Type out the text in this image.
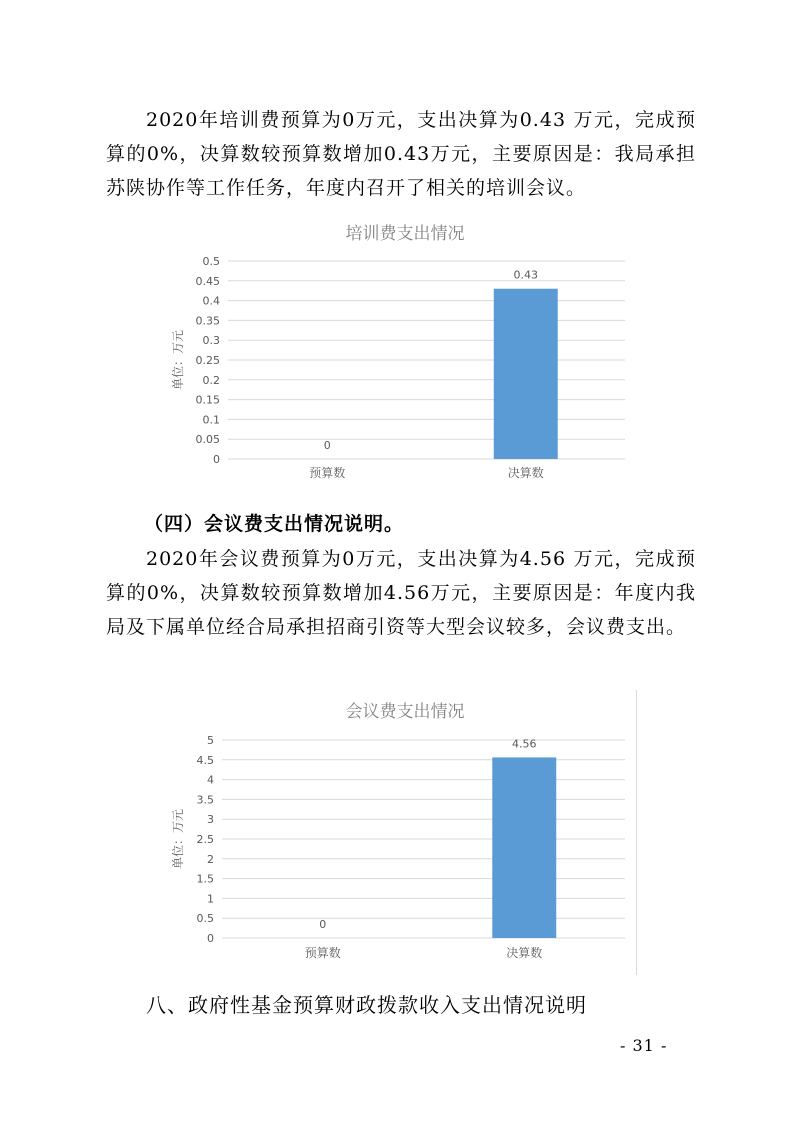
2020年培训费预算为0万元，支出决算为0.43 万元，完成预算的0%，决算数较预算数增加0.43万元，主要原因是：我局承担苏陕协作等工作任务，年度内召开了相关的培训会议。

培训费支出情况
0
0.05
0.1
0.15
0.2
0.25
0.3
0.35
0.4
0.45
0.5
0
预算数
0.43
决算数
单位：万元

（四）会议费支出情况说明。

2020年会议费预算为0万元，支出决算为4.56 万元，完成预算的0%，决算数较预算数增加4.56万元，主要原因是：年度内我局及下属单位经合局承担招商引资等大型会议较多，会议费支出。

会议费支出情况
0
0.5
1
1.5
2
2.5
3
3.5
4
4.5
5
0
预算数
4.56
决算数
单位：万元

八、政府性基金预算财政拨款收入支出情况说明

- 31 -
